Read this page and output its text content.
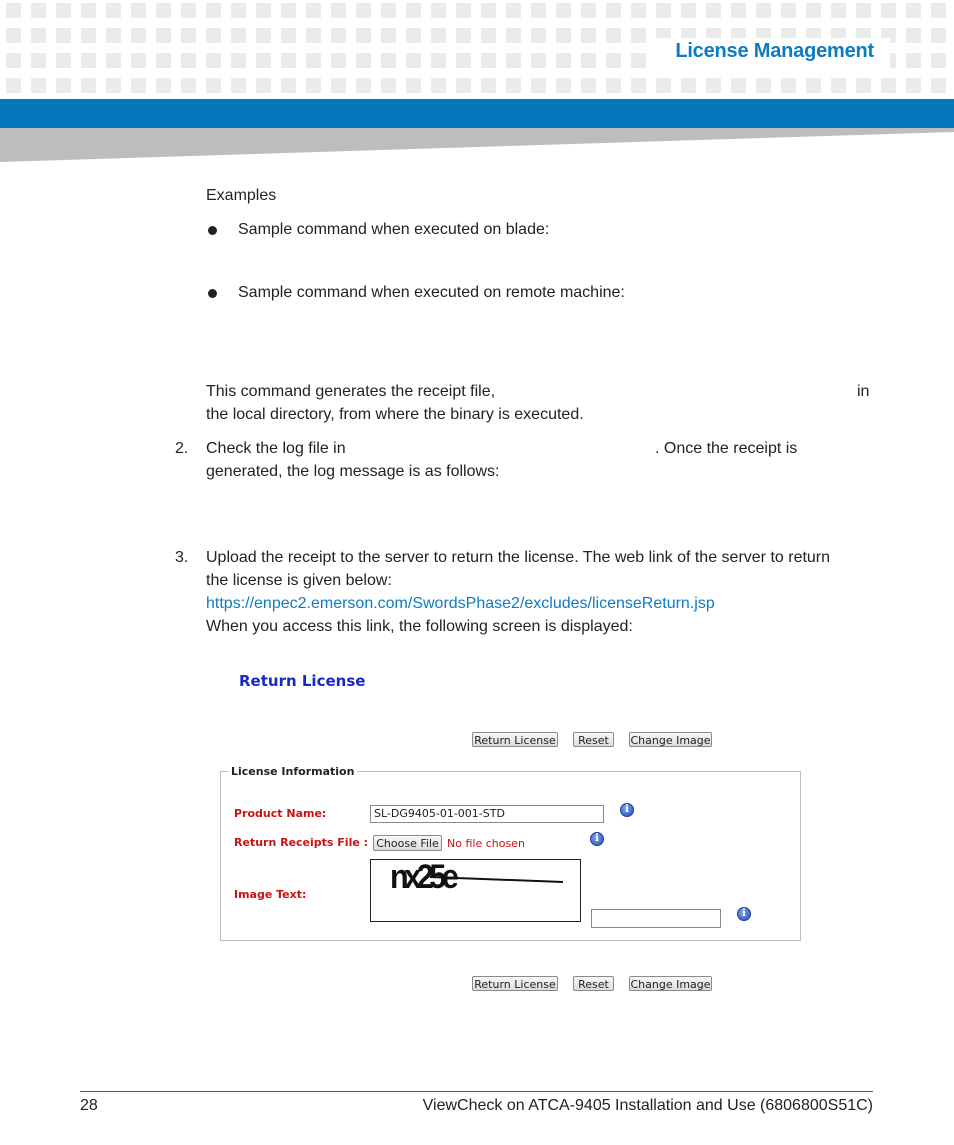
License Management
Examples
Sample command when executed on blade:
Sample command when executed on remote machine:
This command generates the receipt file,	in
the local directory, from where the binary is executed.
2. Check the log file in	. Once the receipt is
generated, the log message is as follows:
3. Upload the receipt to the server to return the license. The web link of the server to return
the license is given below:
https://enpec2.emerson.com/SwordsPhase2/excludes/licenseReturn.jsp
When you access this link, the following screen is displayed:
Return License
Return License	Reset	Change Image
License Information
Product Name:	SL-DG9405-01-001-STD	i
Return Receipts File : Choose File No file chosen	i
Image Text: nx25e
i
Return License	Reset	Change Image
28	ViewCheck on ATCA-9405 Installation and Use (6806800S51C)
